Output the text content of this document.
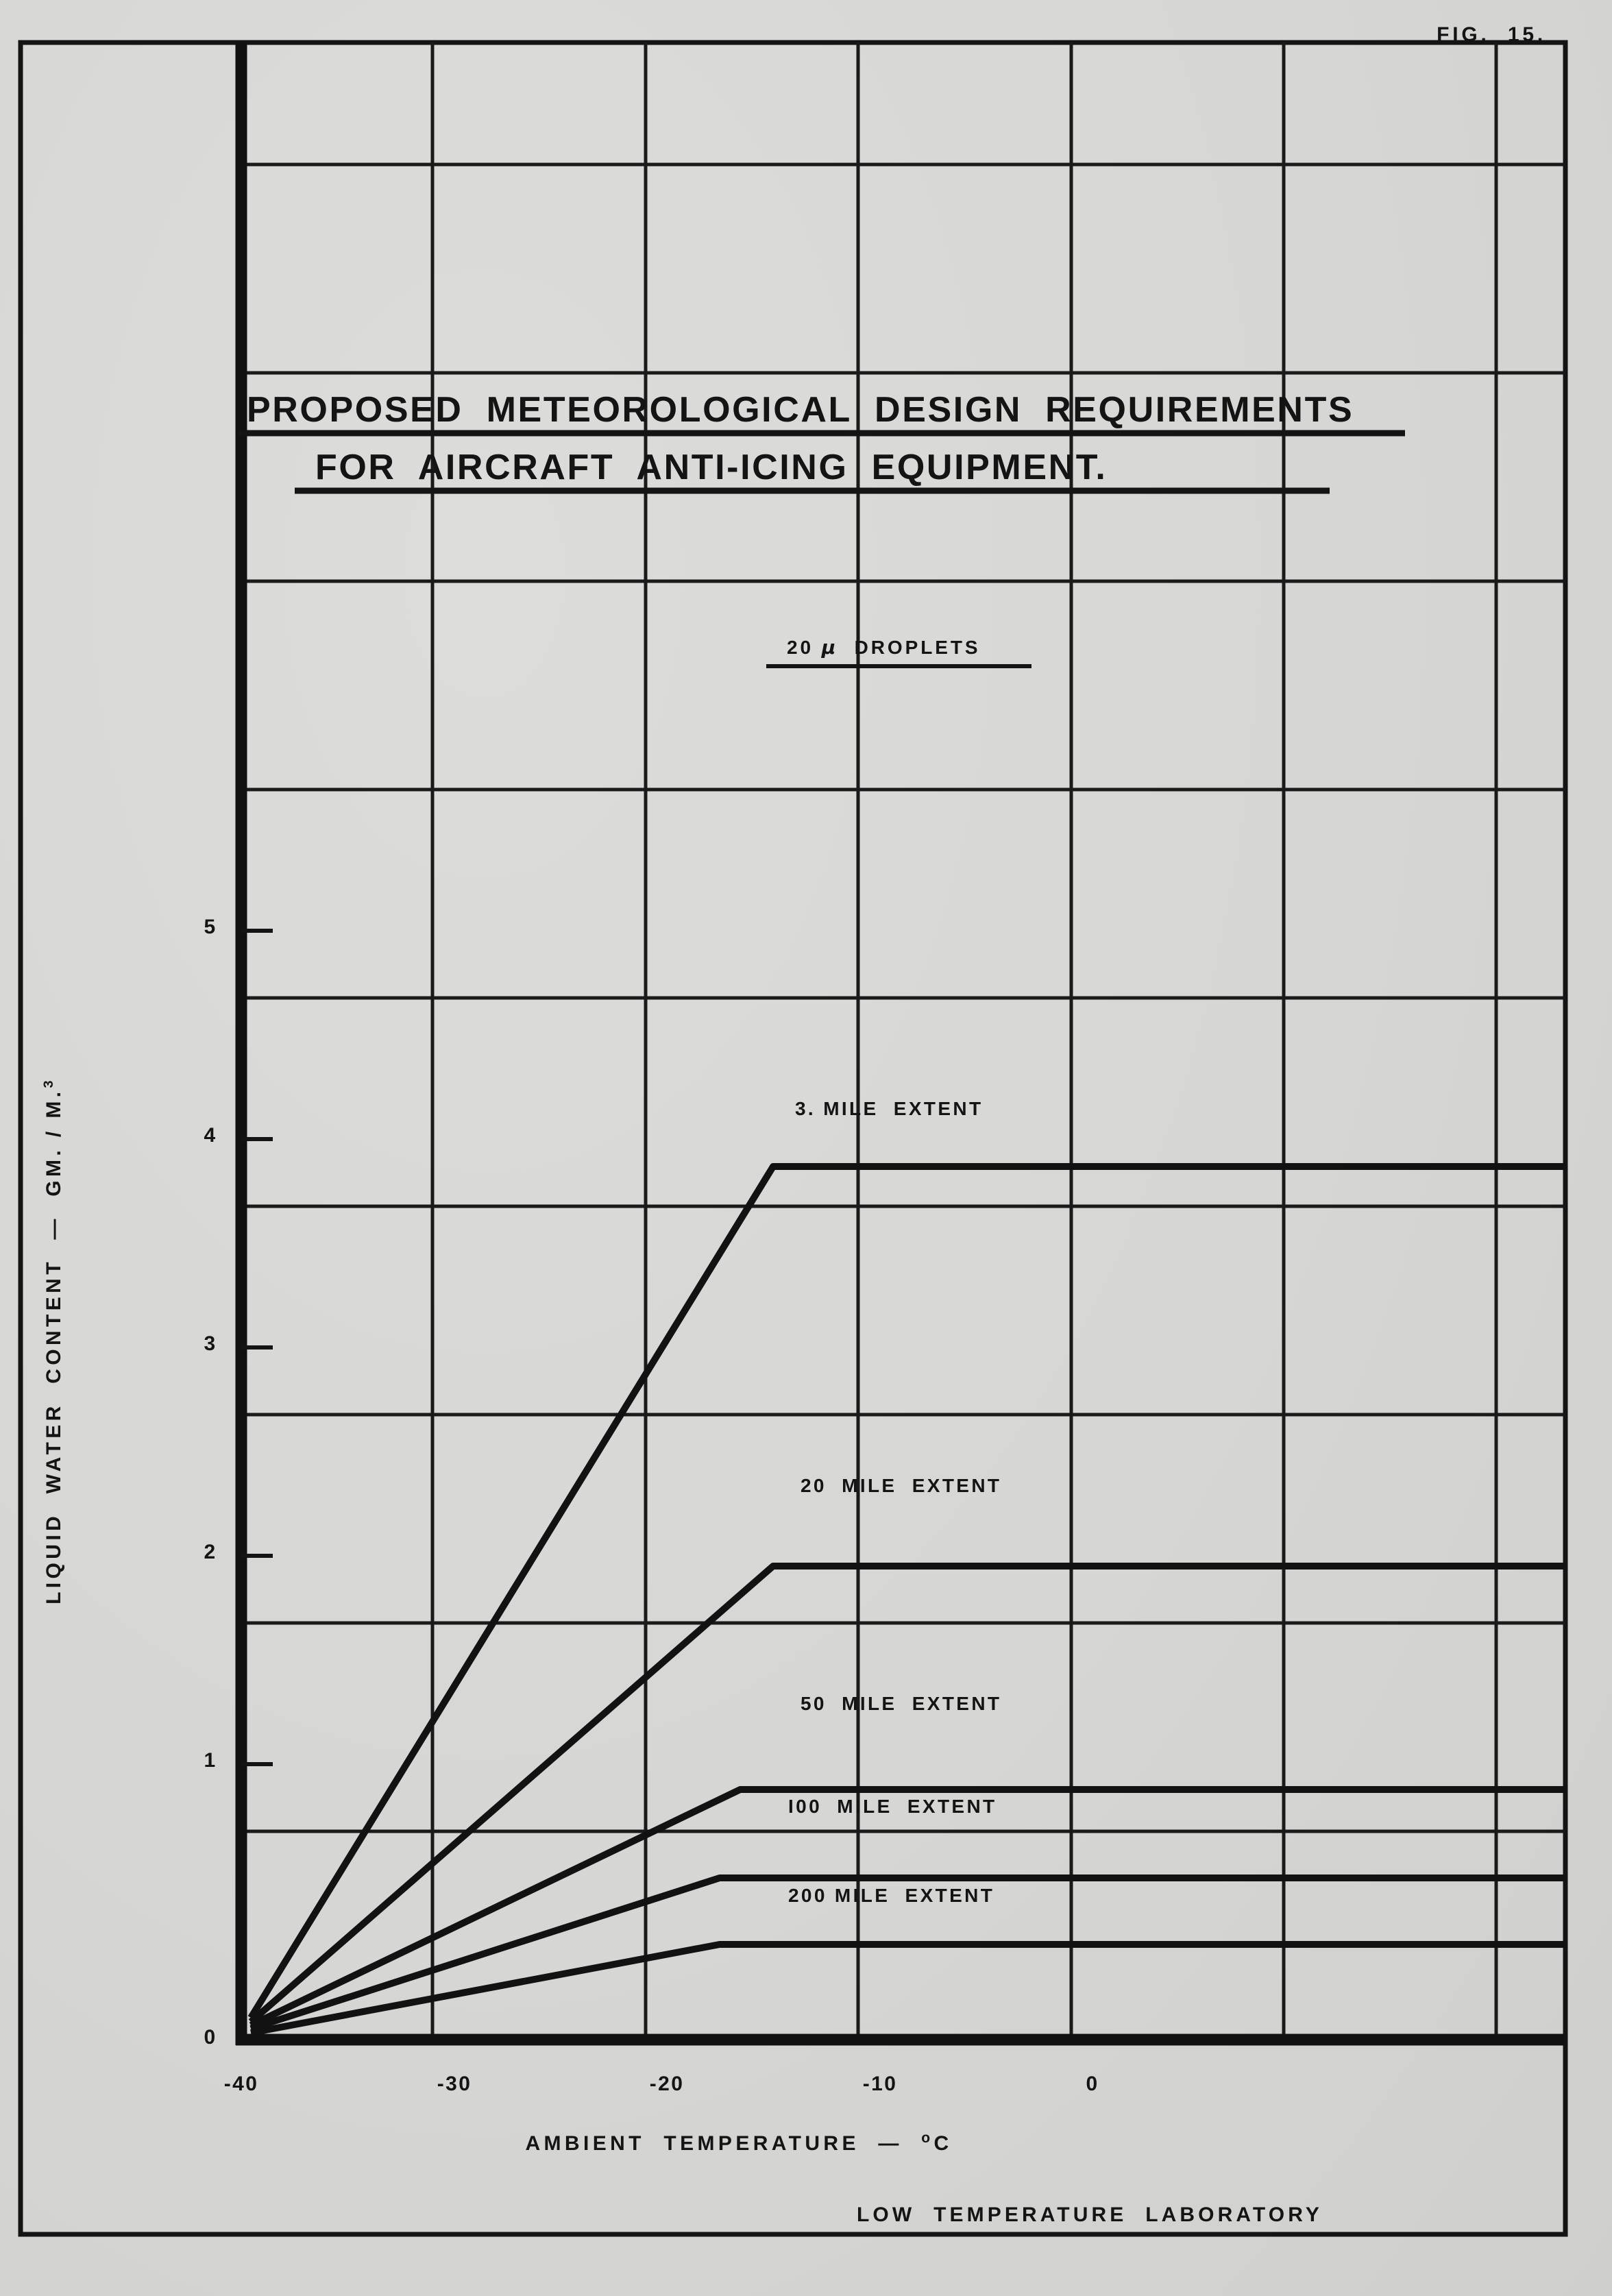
FIG.  15.
PROPOSED  METEOROLOGICAL  DESIGN  REQUIREMENTS
FOR  AIRCRAFT  ANTI-ICING  EQUIPMENT.
20 μ  DROPLETS
3. MILE  EXTENT
20  MILE  EXTENT
50  MILE  EXTENT
I00  MILE  EXTENT
200 MILE  EXTENT
5
4
3
2
1
0
-40	-30	-20	-10	0
LIQUID  WATER  CONTENT  —  GM. / M.$^3$
AMBIENT  TEMPERATURE  —  $^o$C
LOW  TEMPERATURE  LABORATORY
